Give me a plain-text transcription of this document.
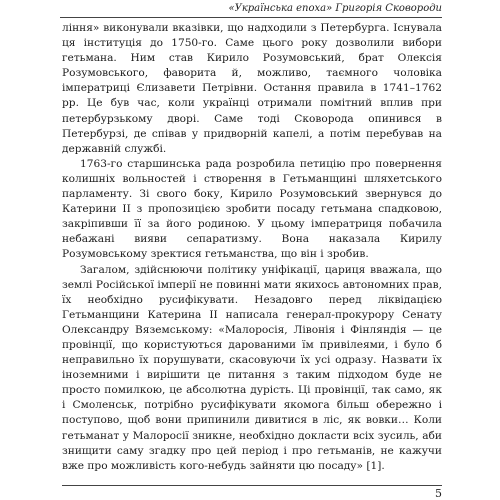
«Українська епоха» Григорія Сковороди

ління» виконували вказівки, що надходили з Петербурга. Існувала ця інституція до 1750-го. Саме цього року дозволили вибори гетьмана. Ним став Кирило Розумовський, брат Олексія Розумовського, фаворита й, можливо, таємного чоловіка імператриці Єлизавети Петрівни. Остання правила в 1741–1762 рр. Це був час, коли українці отримали помітний вплив при петербурзькому дворі. Саме тоді Сковорода опинився в Петербурзі, де співав у придворній капелі, а потім перебував на державній службі.

1763-го старшинська рада розробила петицію про повернення колишніх вольностей і створення в Гетьманщині шляхетського парламенту. Зі свого боку, Кирило Розумовський звернувся до Катерини ІІ з пропозицією зробити посаду гетьмана спадковою, закріпивши її за його родиною. У цьому імператриця побачила небажані вияви сепаратизму. Вона наказала Кирилу Розумовському зректися гетьманства, що він і зробив.

Загалом, здійснюючи політику уніфікації, цариця вважала, що землі Російської імперії не повинні мати якихось автономних прав, їх необхідно русифікувати. Незадовго перед ліквідацією Гетьманщини Катерина ІІ написала генерал-прокурору Сенату Олександру Вяземському: «Малоросія, Лівонія і Фінляндія — це провінції, що користуються дарованими їм привілеями, і було б неправильно їх порушувати, скасовуючи їх усі одразу. Назвати їх іноземними і вирішити це питання з таким підходом буде не просто помилкою, це абсолютна дурість. Ці провінції, так само, як і Смоленськ, потрібно русифікувати якомога більш обережно і поступово, щоб вони припинили дивитися в ліс, як вовки… Коли гетьманат у Малоросії зникне, необхідно докласти всіх зусиль, аби знищити саму згадку про цей період і про гетьманів, не кажучи вже про можливість кого-небудь зайняти цю посаду» [1].

5
